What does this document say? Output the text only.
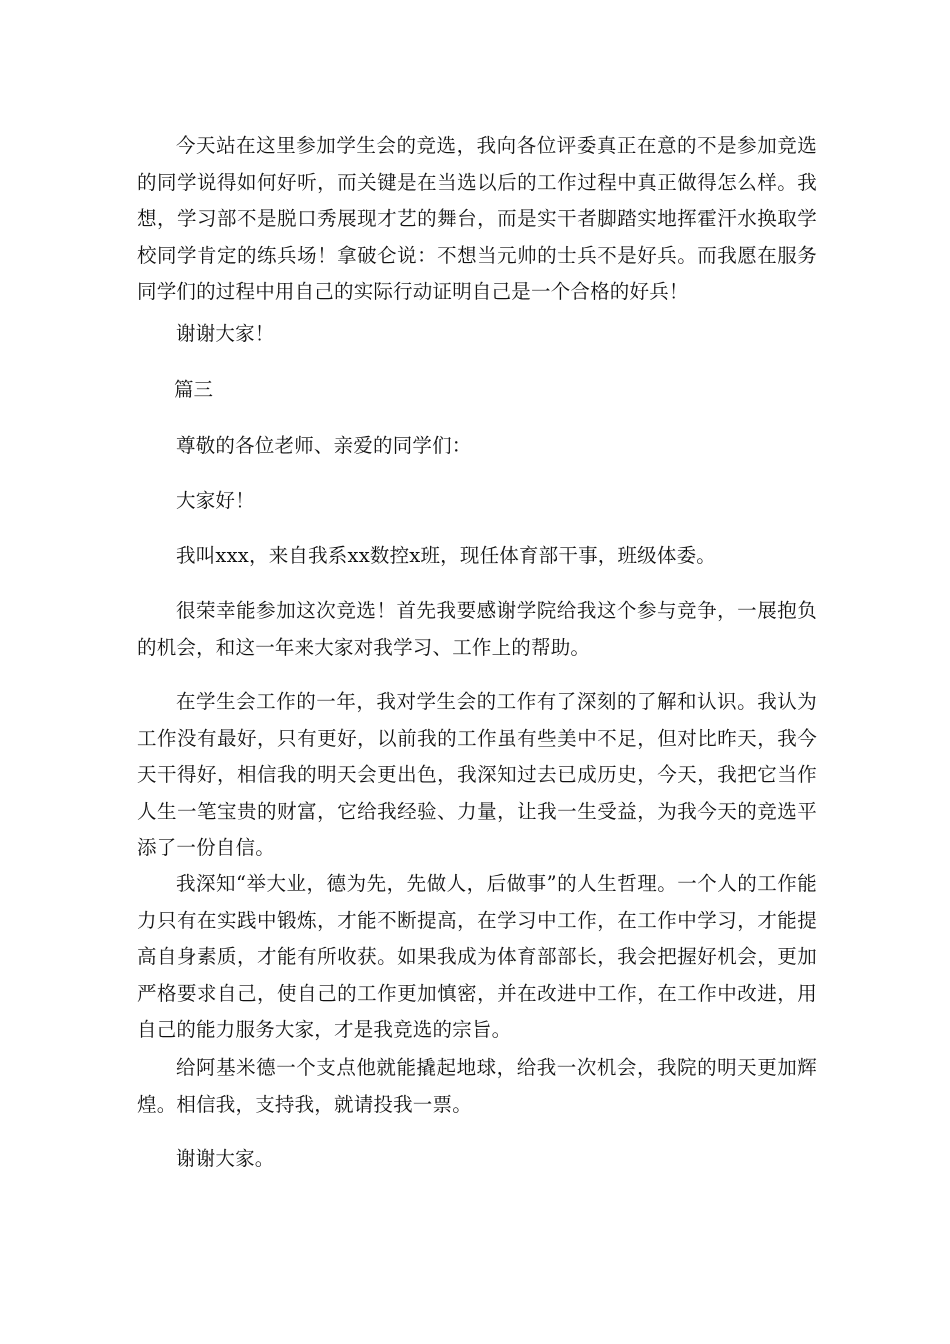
今天站在这里参加学生会的竞选，我向各位评委真正在意的不是参加竞选的同学说得如何好听，而关键是在当选以后的工作过程中真正做得怎么样。我想，学习部不是脱口秀展现才艺的舞台，而是实干者脚踏实地挥霍汗水换取学校同学肯定的练兵场！拿破仑说：不想当元帅的士兵不是好兵。而我愿在服务同学们的过程中用自己的实际行动证明自己是一个合格的好兵！

谢谢大家！

篇三

尊敬的各位老师、亲爱的同学们：

大家好！

我叫xxx，来自我系xx数控x班，现任体育部干事，班级体委。

很荣幸能参加这次竞选！首先我要感谢学院给我这个参与竞争，一展抱负的机会，和这一年来大家对我学习、工作上的帮助。

在学生会工作的一年，我对学生会的工作有了深刻的了解和认识。我认为工作没有最好，只有更好，以前我的工作虽有些美中不足，但对比昨天，我今天干得好，相信我的明天会更出色，我深知过去已成历史，今天，我把它当作人生一笔宝贵的财富，它给我经验、力量，让我一生受益，为我今天的竞选平添了一份自信。

我深知“举大业，德为先，先做人，后做事”的人生哲理。一个人的工作能力只有在实践中锻炼，才能不断提高，在学习中工作，在工作中学习，才能提高自身素质，才能有所收获。如果我成为体育部部长，我会把握好机会，更加严格要求自己，使自己的工作更加慎密，并在改进中工作，在工作中改进，用自己的能力服务大家，才是我竞选的宗旨。

给阿基米德一个支点他就能撬起地球，给我一次机会，我院的明天更加辉煌。相信我，支持我，就请投我一票。

谢谢大家。
